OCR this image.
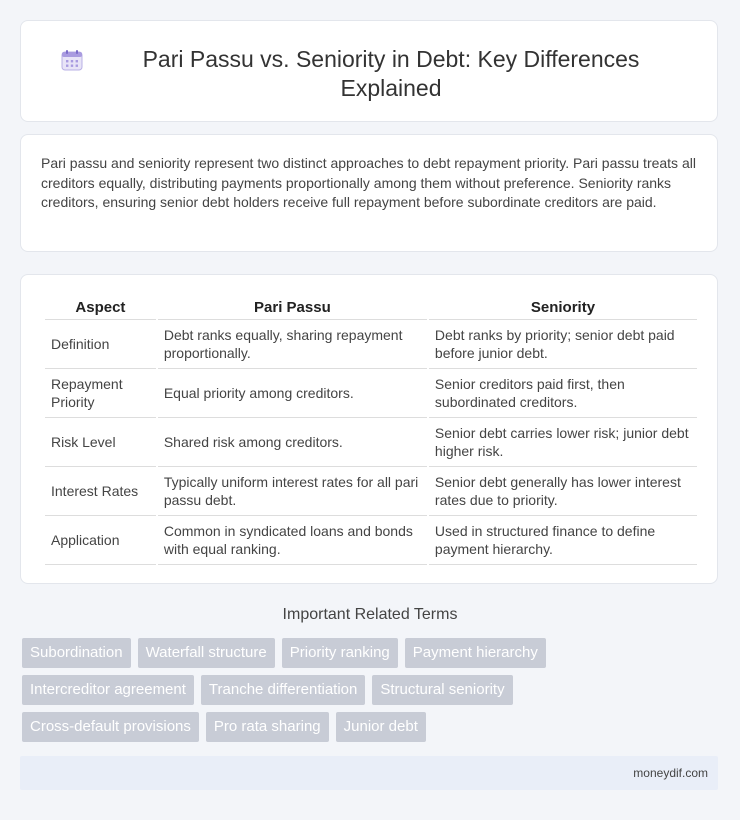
Pari Passu vs. Seniority in Debt: Key Differences Explained

Pari passu and seniority represent two distinct approaches to debt repayment priority. Pari passu treats all creditors equally, distributing payments proportionally among them without preference. Seniority ranks creditors, ensuring senior debt holders receive full repayment before subordinate creditors are paid.

Aspect	Pari Passu	Seniority
Definition	Debt ranks equally, sharing repayment proportionally.	Debt ranks by priority; senior debt paid before junior debt.
Repayment Priority	Equal priority among creditors.	Senior creditors paid first, then subordinated creditors.
Risk Level	Shared risk among creditors.	Senior debt carries lower risk; junior debt higher risk.
Interest Rates	Typically uniform interest rates for all pari passu debt.	Senior debt generally has lower interest rates due to priority.
Application	Common in syndicated loans and bonds with equal ranking.	Used in structured finance to define payment hierarchy.
Important Related Terms
Subordination	Waterfall structure	Priority ranking	Payment hierarchy
Intercreditor agreement	Tranche differentiation	Structural seniority
Cross-default provisions	Pro rata sharing	Junior debt
moneydif.com
